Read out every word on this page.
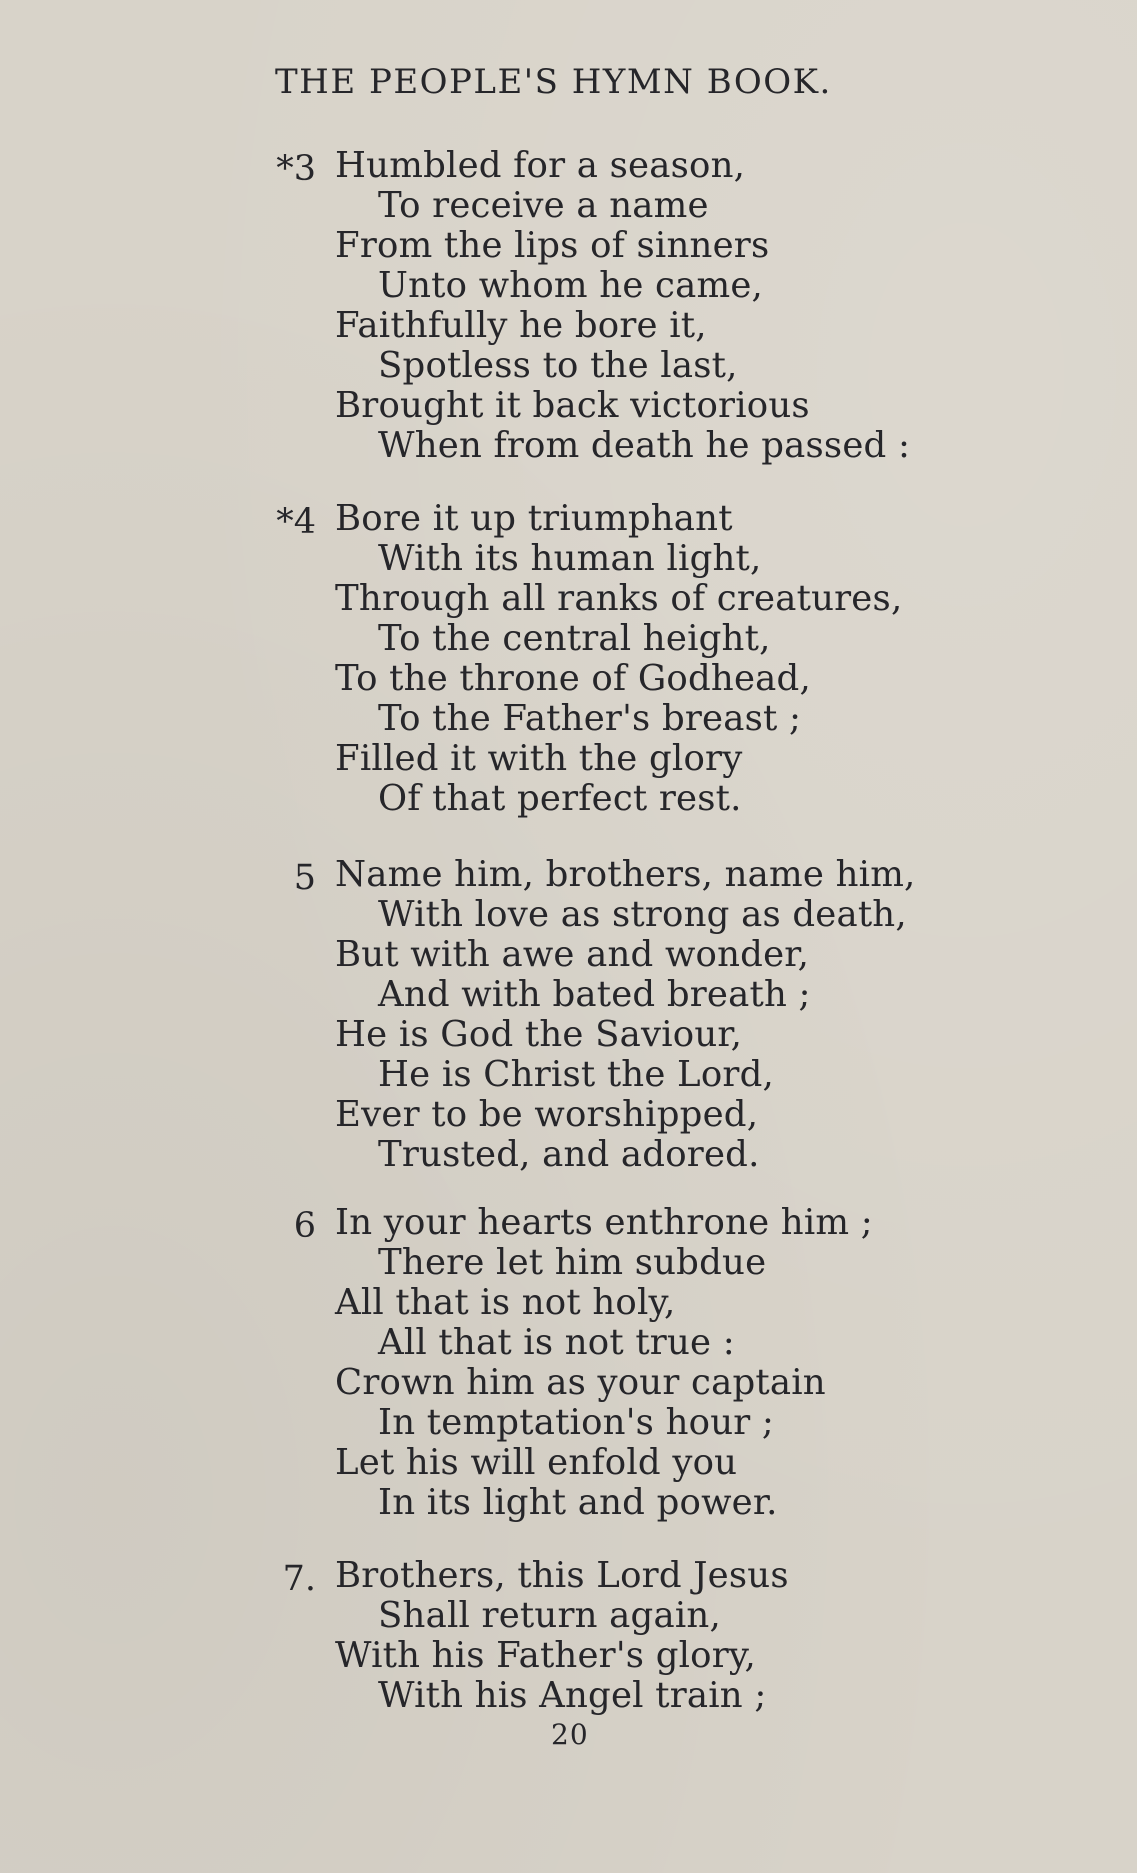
THE PEOPLE'S HYMN BOOK.
*3 Humbled for a season,
To receive a name
From the lips of sinners
Unto whom he came,
Faithfully he bore it,
Spotless to the last,
Brought it back victorious
When from death he passed :
*4 Bore it up triumphant
With its human light,
Through all ranks of creatures,
To the central height,
To the throne of Godhead,
To the Father's breast ;
Filled it with the glory
Of that perfect rest.
5 Name him, brothers, name him,
With love as strong as death,
But with awe and wonder,
And with bated breath ;
He is God the Saviour,
He is Christ the Lord,
Ever to be worshipped,
Trusted, and adored.
6 In your hearts enthrone him ;
There let him subdue
All that is not holy,
All that is not true :
Crown him as your captain
In temptation's hour ;
Let his will enfold you
In its light and power.
7. Brothers, this Lord Jesus
Shall return again,
With his Father's glory,
With his Angel train ;
20
